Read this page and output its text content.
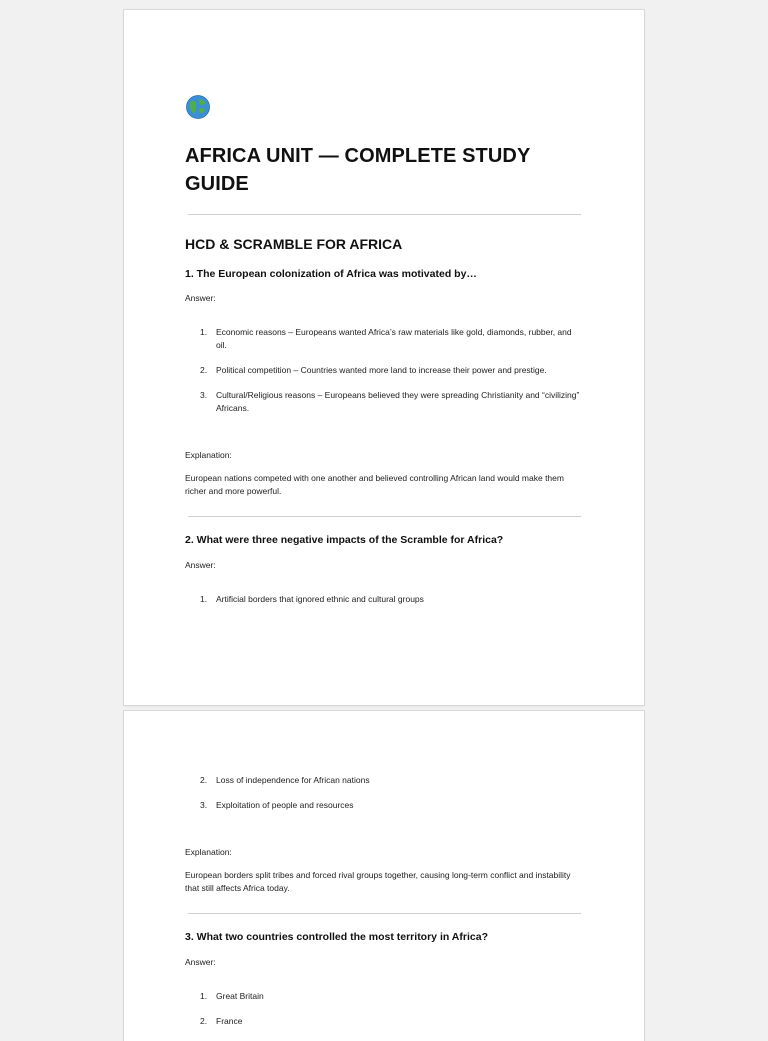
AFRICA UNIT — COMPLETE STUDY GUIDE
HCD & SCRAMBLE FOR AFRICA

1. The European colonization of Africa was motivated by…

Answer:

1.	Economic reasons – Europeans wanted Africa’s raw materials like gold, diamonds, rubber, and oil.
2.	Political competition – Countries wanted more land to increase their power and prestige.
3.	Cultural/Religious reasons – Europeans believed they were spreading Christianity and “civilizing” Africans.

Explanation:

European nations competed with one another and believed controlling African land would make them richer and more powerful.

2. What were three negative impacts of the Scramble for Africa?

Answer:

1.	Artificial borders that ignored ethnic and cultural groups
2.	Loss of independence for African nations
3.	Exploitation of people and resources

Explanation:

European borders split tribes and forced rival groups together, causing long-term conflict and instability that still affects Africa today.

3. What two countries controlled the most territory in Africa?

Answer:

1.	Great Britain
2.	France
